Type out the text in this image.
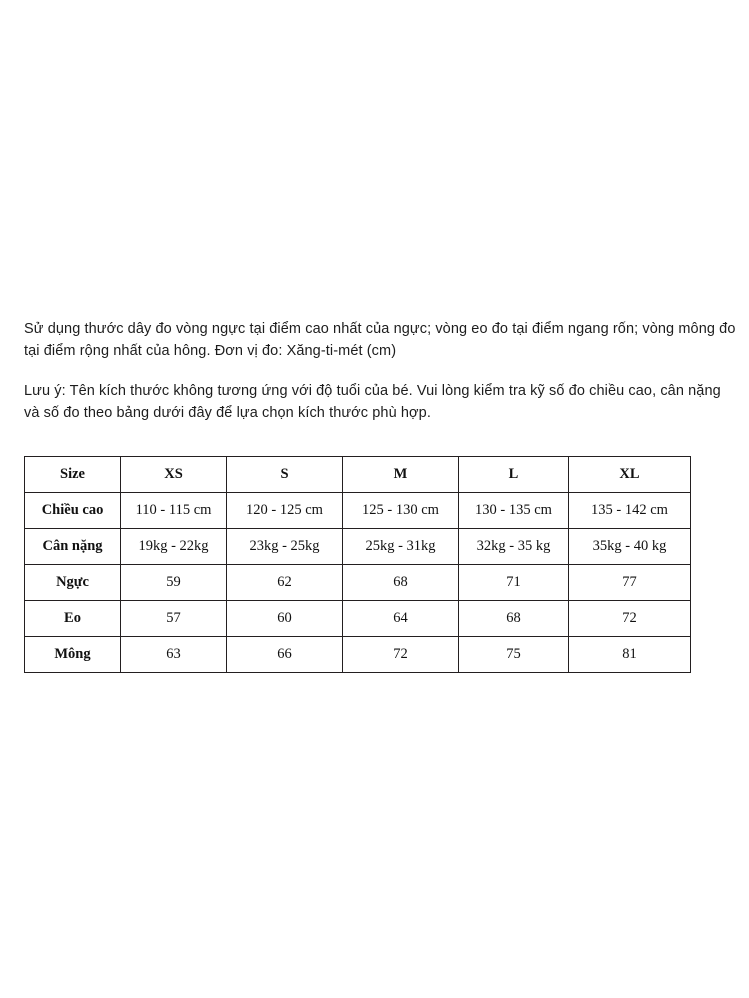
Sử dụng thước dây đo vòng ngực tại điểm cao nhất của ngực; vòng eo đo tại điểm ngang rốn; vòng mông đo tại điểm rộng nhất của hông. Đơn vị đo: Xăng-ti-mét (cm)

Lưu ý: Tên kích thước không tương ứng với độ tuổi của bé. Vui lòng kiểm tra kỹ số đo chiều cao, cân nặng và số đo theo bảng dưới đây để lựa chọn kích thước phù hợp.

Size	XS	S	M	L	XL
Chiều cao	110 - 115 cm	120 - 125 cm	125 - 130 cm	130 - 135 cm	135 - 142 cm
Cân nặng	19kg - 22kg	23kg - 25kg	25kg - 31kg	32kg - 35 kg	35kg - 40 kg
Ngực	59	62	68	71	77
Eo	57	60	64	68	72
Mông	63	66	72	75	81
